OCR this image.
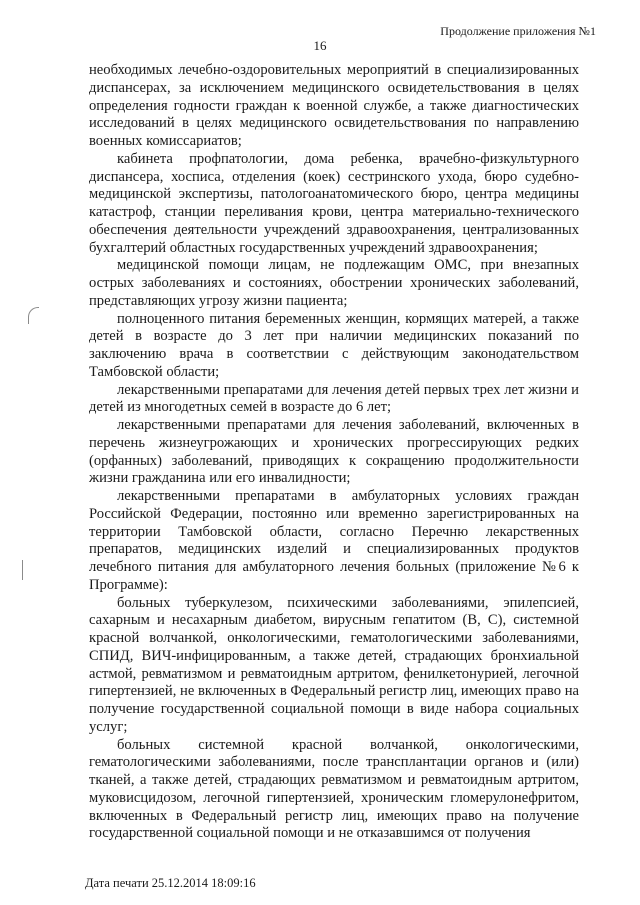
Продолжение приложения №1
16

необходимых лечебно-оздоровительных мероприятий в специализированных диспансерах, за исключением медицинского освидетельствования в целях определения годности граждан к военной службе, а также диагностических исследований в целях медицинского освидетельствования по направлению военных комиссариатов;

кабинета профпатологии, дома ребенка, врачебно-физкультурного диспансера, хосписа, отделения (коек) сестринского ухода, бюро судебно-медицинской экспертизы, патологоанатомического бюро, центра медицины катастроф, станции переливания крови, центра материально-технического обеспечения деятельности учреждений здравоохранения, централизованных бухгалтерий областных государственных учреждений здравоохранения;

медицинской помощи лицам, не подлежащим ОМС, при внезапных острых заболеваниях и состояниях, обострении хронических заболеваний, представляющих угрозу жизни пациента;

полноценного питания беременных женщин, кормящих матерей, а также детей в возрасте до 3 лет при наличии медицинских показаний по заключению врача в соответствии с действующим законодательством Тамбовской области;

лекарственными препаратами для лечения детей первых трех лет жизни и детей из многодетных семей в возрасте до 6 лет;

лекарственными препаратами для лечения заболеваний, включенных в перечень жизнеугрожающих и хронических прогрессирующих редких (орфанных) заболеваний, приводящих к сокращению продолжительности жизни гражданина или его инвалидности;

лекарственными препаратами в амбулаторных условиях граждан Российской Федерации, постоянно или временно зарегистрированных на территории Тамбовской области, согласно Перечню лекарственных препаратов, медицинских изделий и специализированных продуктов лечебного питания для амбулаторного лечения больных (приложение №6 к Программе):

больных туберкулезом, психическими заболеваниями, эпилепсией, сахарным и несахарным диабетом, вирусным гепатитом (В, С), системной красной волчанкой, онкологическими, гематологическими заболеваниями, СПИД, ВИЧ-инфицированным, а также детей, страдающих бронхиальной астмой, ревматизмом и ревматоидным артритом, фенилкетонурией, легочной гипертензией, не включенных в Федеральный регистр лиц, имеющих право на получение государственной социальной помощи в виде набора социальных услуг;

больных системной красной волчанкой, онкологическими, гематологическими заболеваниями, после трансплантации органов и (или) тканей, а также детей, страдающих ревматизмом и ревматоидным артритом, муковисцидозом, легочной гипертензией, хроническим гломерулонефритом, включенных в Федеральный регистр лиц, имеющих право на получение государственной социальной помощи и не отказавшимся от получения

Дата печати 25.12.2014 18:09:16
